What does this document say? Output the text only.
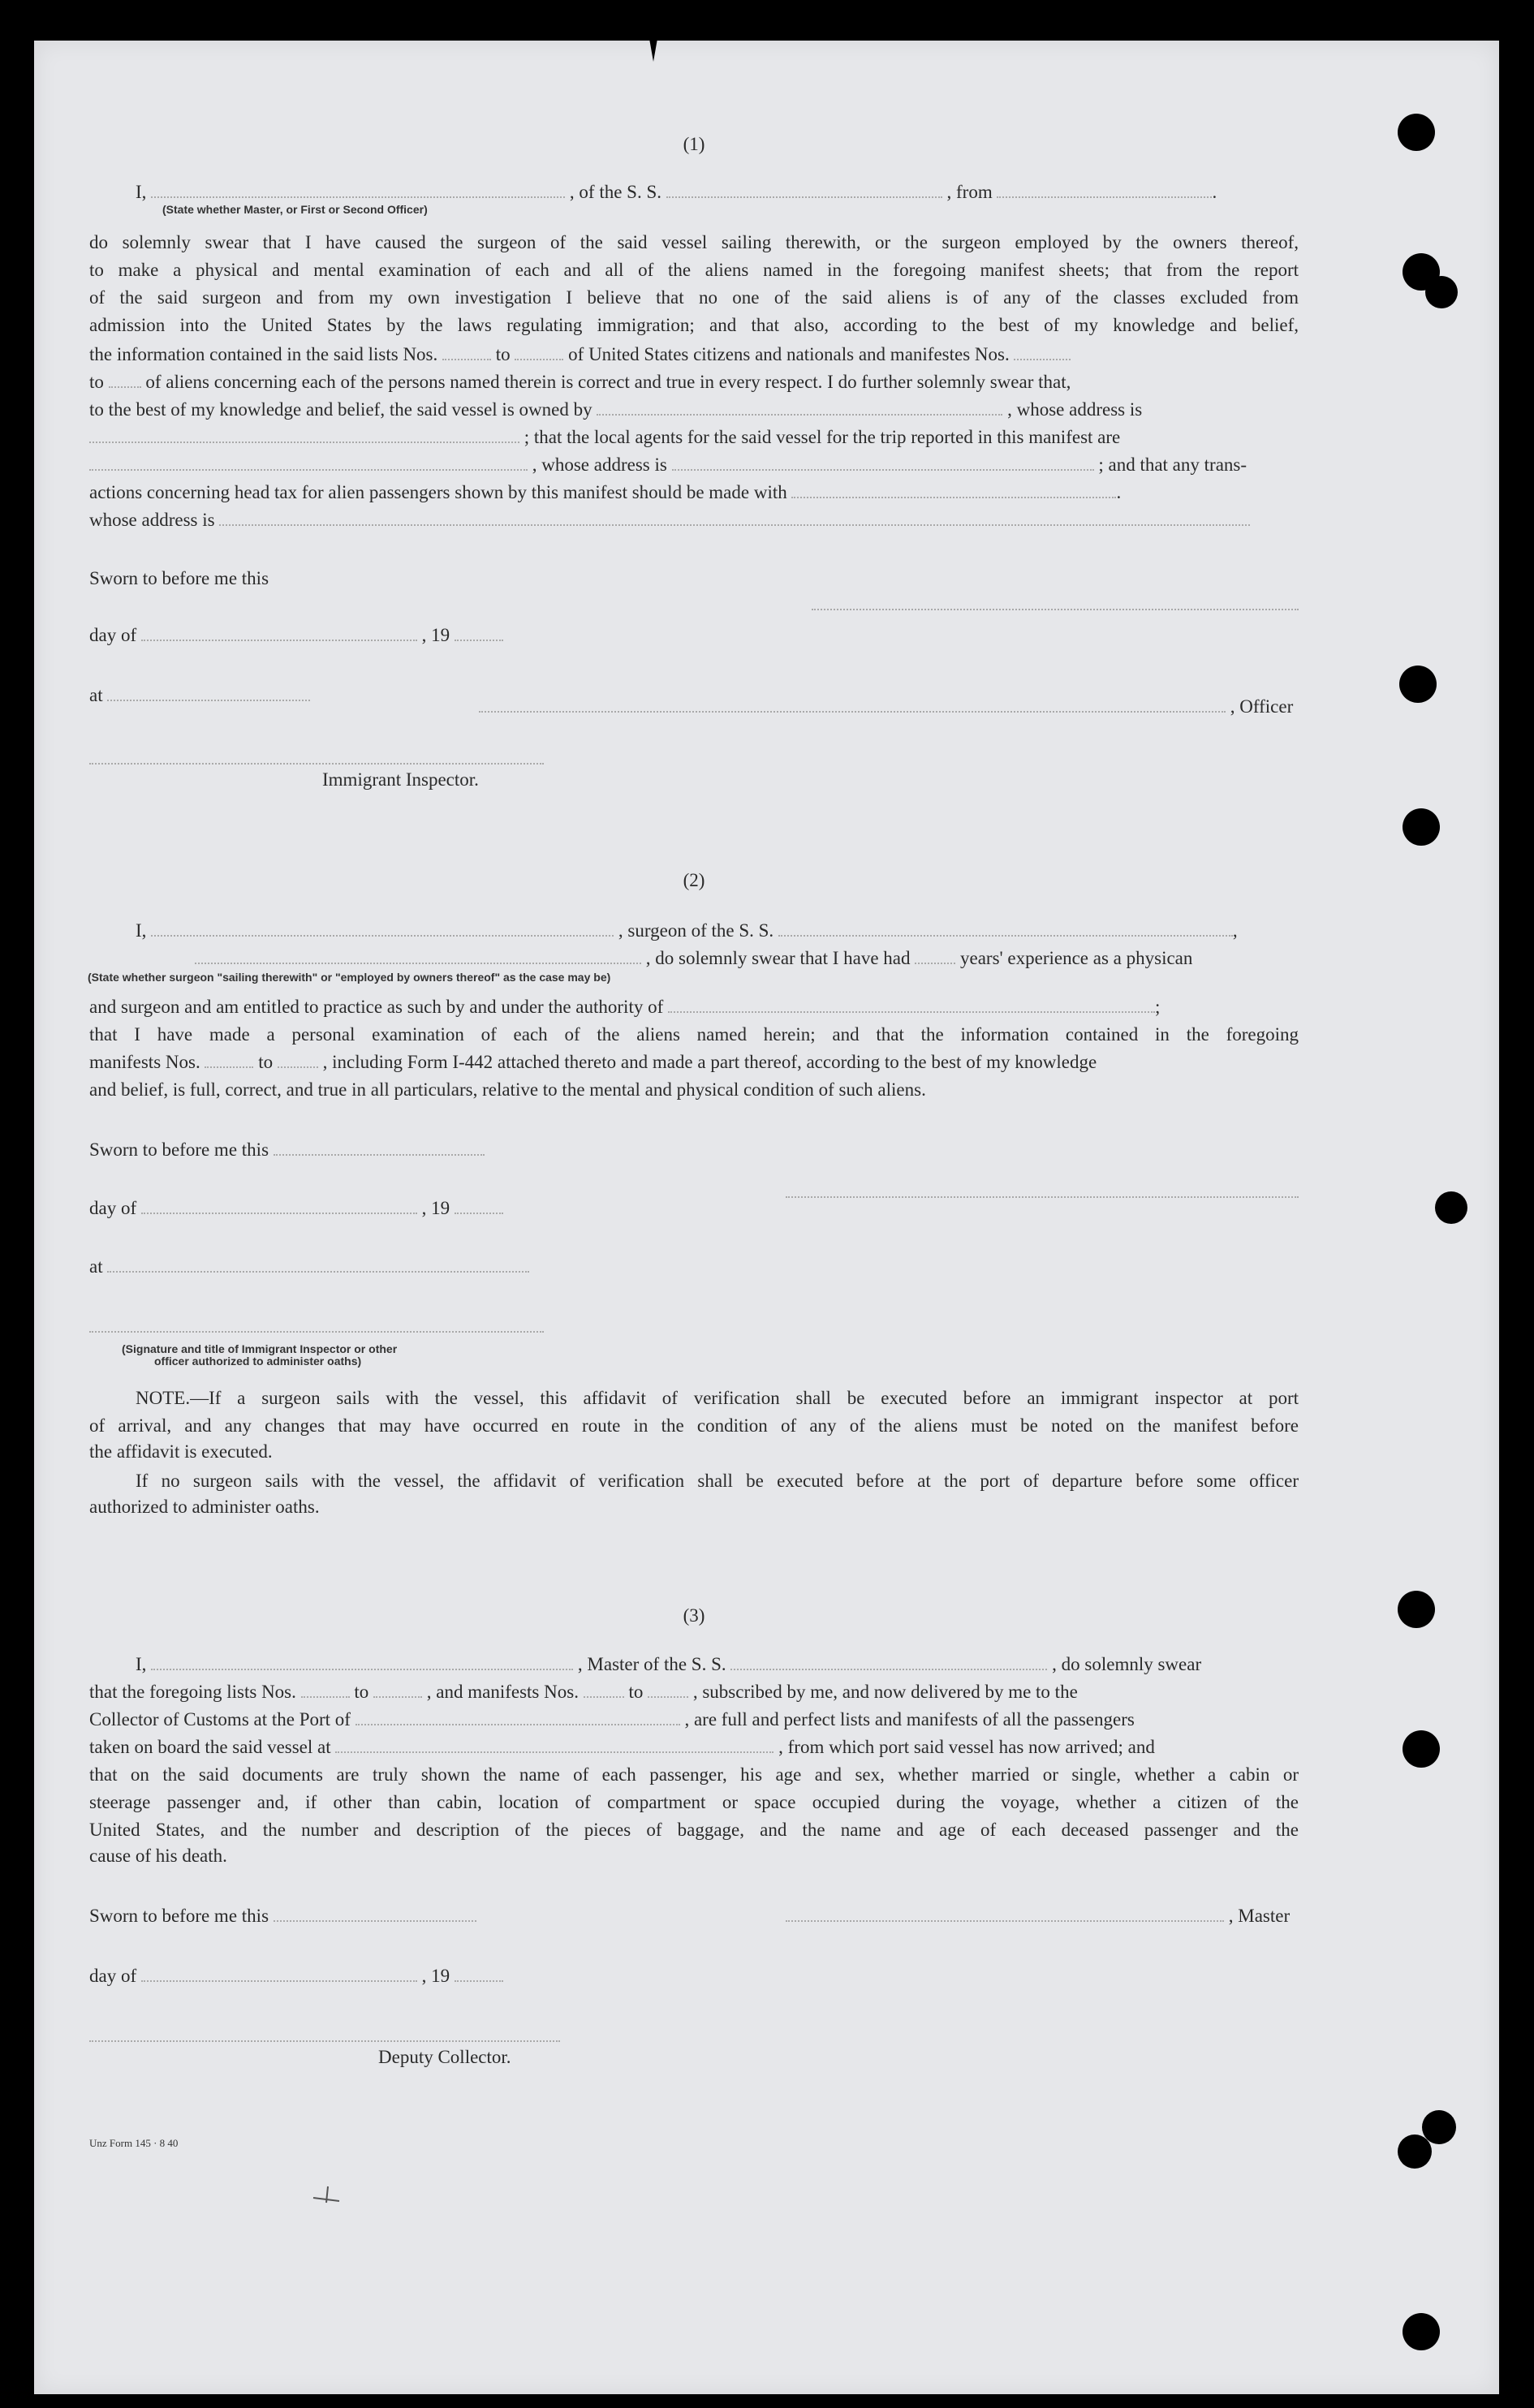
(1)
I,	, of the S. S.	, from	.
(State whether Master, or First or Second Officer)
do solemnly swear that I have caused the surgeon of the said vessel sailing therewith, or the surgeon employed by the owners thereof,
to make a physical and mental examination of each and all of the aliens named in the foregoing manifest sheets; that from the report
of the said surgeon and from my own investigation I believe that no one of the said aliens is of any of the classes excluded from
admission into the United States by the laws regulating immigration; and that also, according to the best of my knowledge and belief,
the information contained in the said lists Nos.	to	of United States citizens and nationals and manifestes Nos.
to of aliens concerning each of the persons named therein is correct and true in every respect. I do further solemnly swear that,
to the best of my knowledge and belief, the said vessel is owned by	, whose address is
; that the local agents for the said vessel for the trip reported in this manifest are
, whose address is	; and that any trans-
actions concerning head tax for alien passengers shown by this manifest should be made with	.
whose address is
Sworn to before me this
day of	, 19
at
, Officer
Immigrant Inspector.
(2)
I,	, surgeon of the S. S.	,
, do solemnly swear that I have had	years' experience as a physican
(State whether surgeon "sailing therewith" or "employed by owners thereof" as the case may be)
and surgeon and am entitled to practice as such by and under the authority of	;
that I have made a personal examination of each of the aliens named herein; and that the information contained in the foregoing
manifests Nos.	to	, including Form I-442 attached thereto and made a part thereof, according to the best of my knowledge
and belief, is full, correct, and true in all particulars, relative to the mental and physical condition of such aliens.
Sworn to before me this
day of	, 19
at
(Signature and title of Immigrant Inspector or other
officer authorized to administer oaths)
NOTE.—If a surgeon sails with the vessel, this affidavit of verification shall be executed before an immigrant inspector at port
of arrival, and any changes that may have occurred en route in the condition of any of the aliens must be noted on the manifest before
the affidavit is executed.
If no surgeon sails with the vessel, the affidavit of verification shall be executed before at the port of departure before some officer
authorized to administer oaths.
(3)
I,	, Master of the S. S.	, do solemnly swear
that the foregoing lists Nos.	to	, and manifests Nos.	to	, subscribed by me, and now delivered by me to the
Collector of Customs at the Port of	, are full and perfect lists and manifests of all the passengers
taken on board the said vessel at	, from which port said vessel has now arrived; and
that on the said documents are truly shown the name of each passenger, his age and sex, whether married or single, whether a cabin or
steerage passenger and, if other than cabin, location of compartment or space occupied during the voyage, whether a citizen of the
United States, and the number and description of the pieces of baggage, and the name and age of each deceased passenger and the
cause of his death.
Sworn to before me this	, Master
day of	, 19
Deputy Collector.
Unz Form 145 · 8 40
